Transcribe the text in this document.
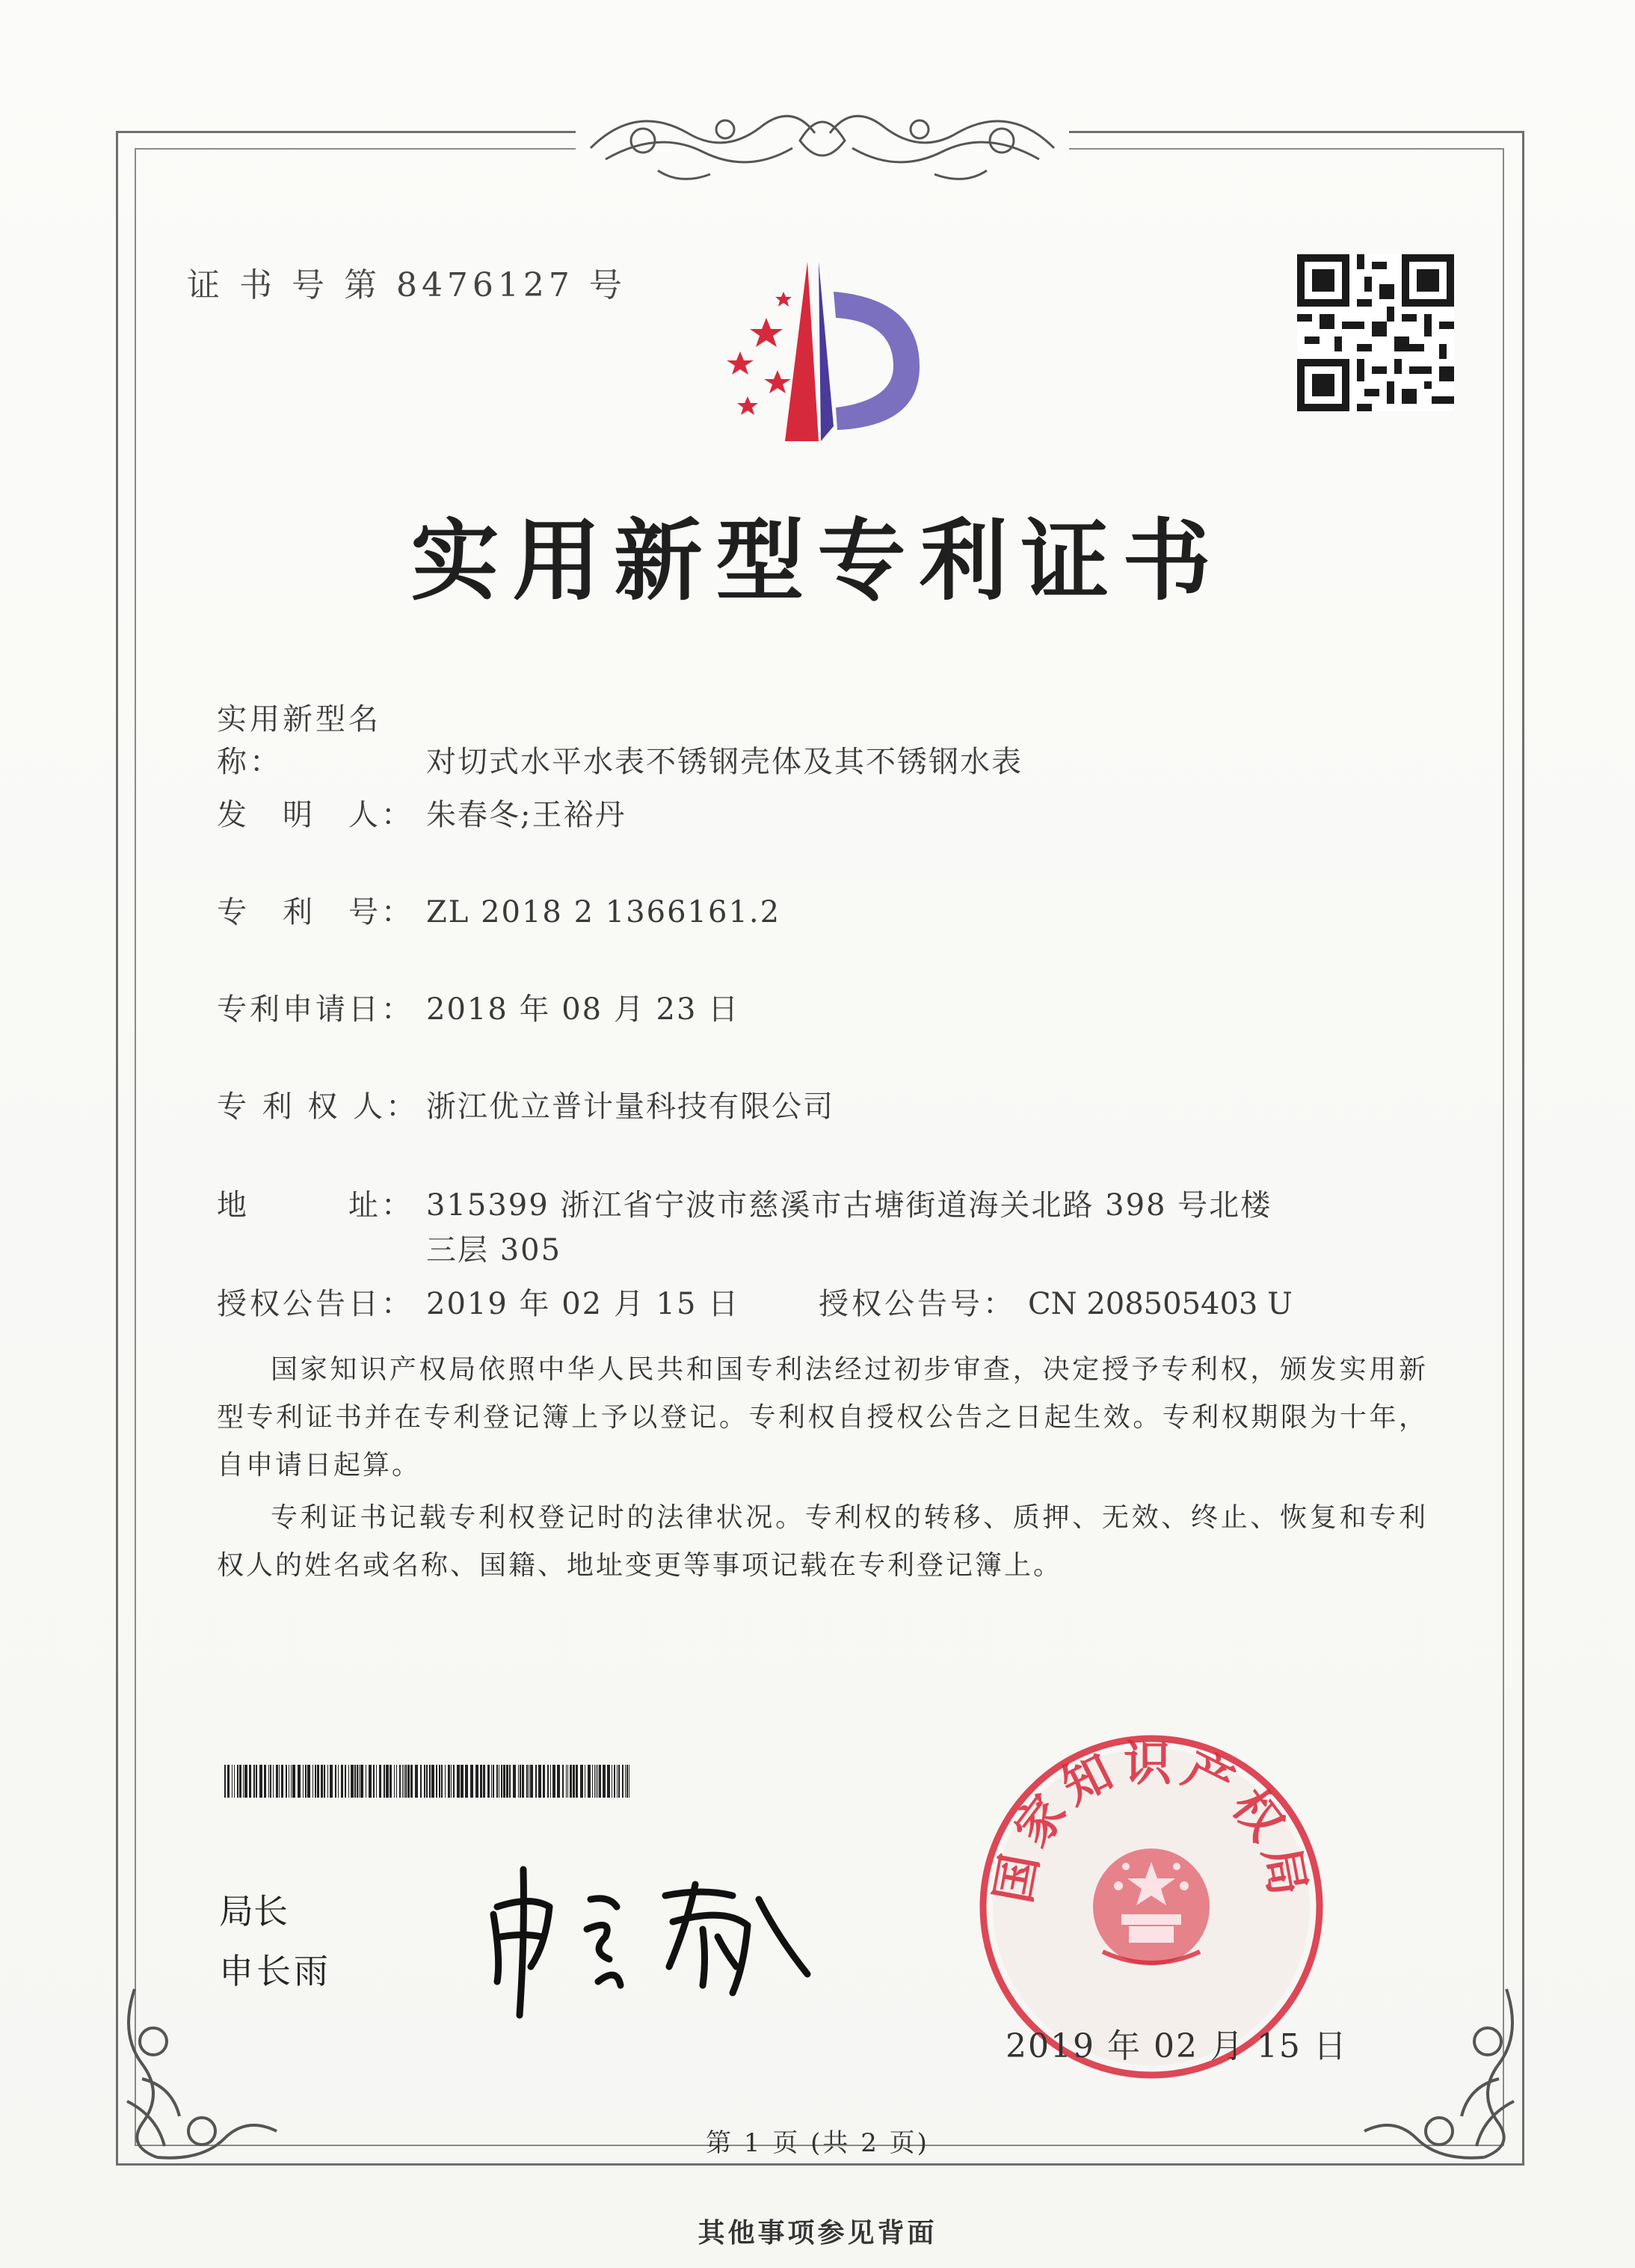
证 书 号 第 8476127 号
实用新型专利证书
实用新型名称：	对切式水平水表不锈钢壳体及其不锈钢水表
发　明　人： 朱春冬;王裕丹
专　利　号： ZL 2018 2 1366161.2
专利申请日： 2018 年 08 月 23 日
专 利 权 人： 浙江优立普计量科技有限公司
地　　　址： 315399 浙江省宁波市慈溪市古塘街道海关北路 398 号北楼
三层 305
授权公告日： 2019 年 02 月 15 日	授权公告号： CN 208505403 U
国家知识产权局依照中华人民共和国专利法经过初步审查，决定授予专利权，颁发实用新型专利证书并在专利登记簿上予以登记。专利权自授权公告之日起生效。专利权期限为十年，自申请日起算。
专利证书记载专利权登记时的法律状况。专利权的转移、质押、无效、终止、恢复和专利权人的姓名或名称、国籍、地址变更等事项记载在专利登记簿上。
局长
申长雨
国家知识产权局
2019 年 02 月 15 日
第 1 页 (共 2 页)
其他事项参见背面
